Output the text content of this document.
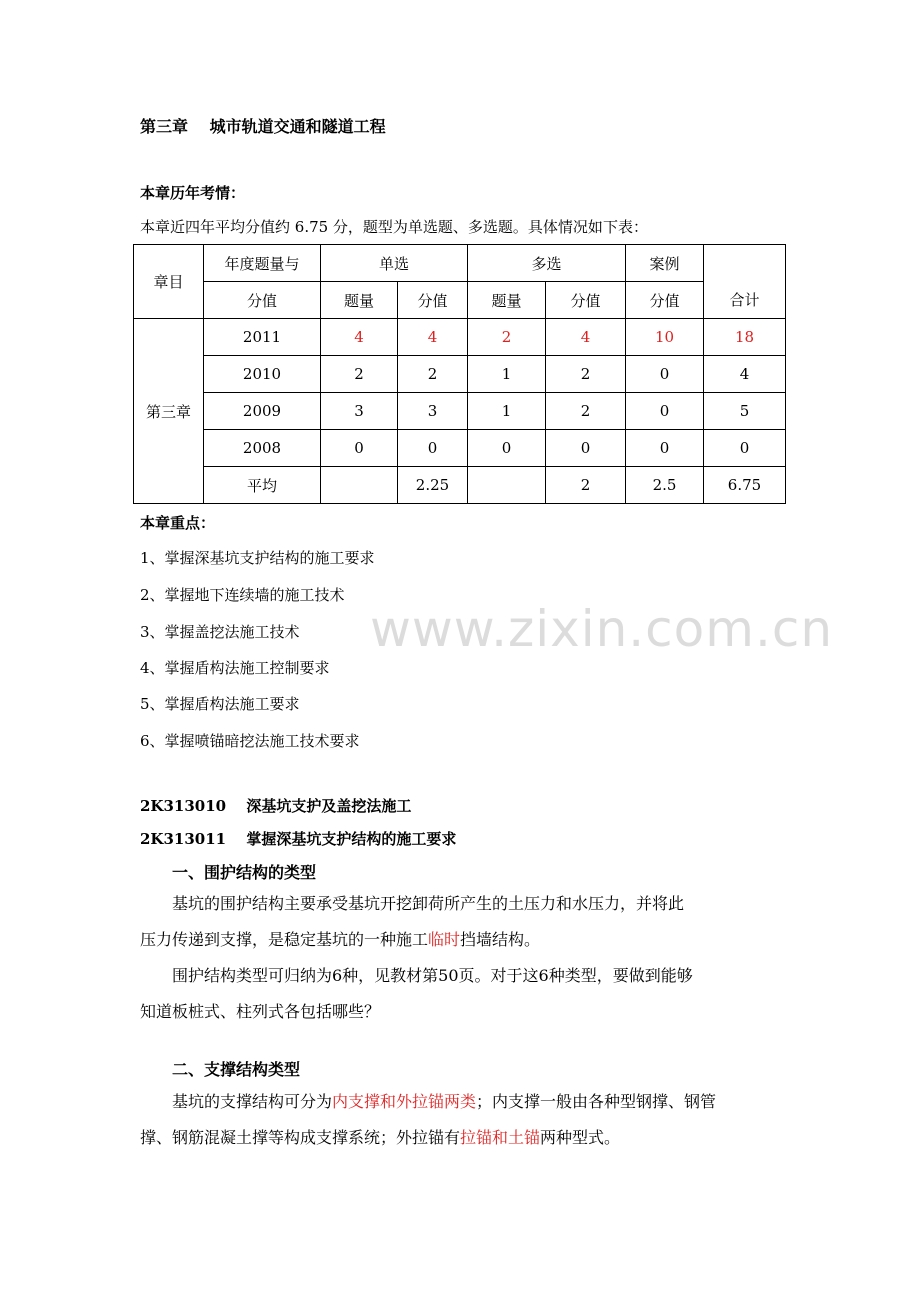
第三章　 城市轨道交通和隧道工程
本章历年考情：
本章近四年平均分值约 6.75 分，题型为单选题、多选题。具体情况如下表：
章目	年度题量与	单选		多选		案例	合计
	分值	题量	分值	题量	分值	分值	
第三章	2011	4	4	2	4	10	18
	2010	2	2	1	2	0	4
	2009	3	3	1	2	0	5
	2008	0	0	0	0	0	0
	平均		2.25		2	2.5	6.75
本章重点：
1、掌握深基坑支护结构的施工要求
2、掌握地下连续墙的施工技术
3、掌握盖挖法施工技术
4、掌握盾构法施工控制要求
5、掌握盾构法施工要求
6、掌握喷锚暗挖法施工技术要求
www.zixin.com.cn
2K313010　 深基坑支护及盖挖法施工
2K313011　 掌握深基坑支护结构的施工要求
一、围护结构的类型
基坑的围护结构主要承受基坑开挖卸荷所产生的土压力和水压力，并将此
压力传递到支撑，是稳定基坑的一种施工临时挡墙结构。
围护结构类型可归纳为6种，见教材第50页。对于这6种类型，要做到能够
知道板桩式、柱列式各包括哪些？
二、支撑结构类型
基坑的支撑结构可分为内支撑和外拉锚两类；内支撑一般由各种型钢撑、钢管
撑、钢筋混凝土撑等构成支撑系统；外拉锚有拉锚和土锚两种型式。
